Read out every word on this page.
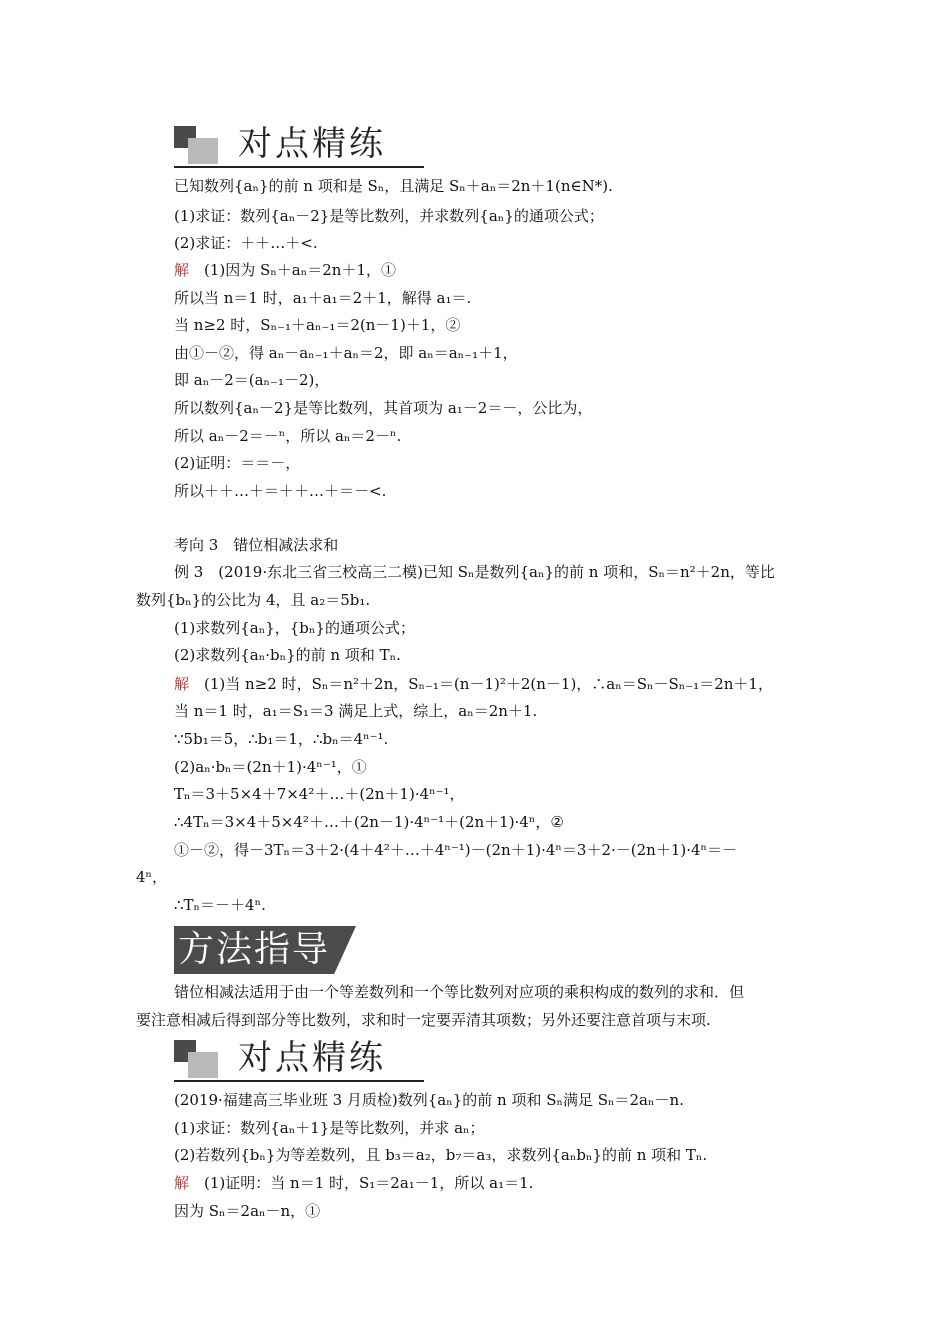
对点精练
已知数列{aₙ}的前 n 项和是 Sₙ，且满足 Sₙ＋aₙ＝2n＋1(n∈N*).
(1)求证：数列{aₙ－2}是等比数列，并求数列{aₙ}的通项公式；
(2)求证：＋＋…＋<.
解　 (1)因为 Sₙ＋aₙ＝2n＋1，①
所以当 n＝1 时，a₁＋a₁＝2＋1，解得 a₁＝.
当 n≥2 时，Sₙ₋₁＋aₙ₋₁＝2(n－1)＋1，②
由①－②，得 aₙ－aₙ₋₁＋aₙ＝2，即 aₙ＝aₙ₋₁＋1，
即 aₙ－2＝(aₙ₋₁－2)，
所以数列{aₙ－2}是等比数列，其首项为 a₁－2＝－，公比为，
所以 aₙ－2＝－ⁿ，所以 aₙ＝2－ⁿ.
(2)证明：＝＝－，
所以＋＋…＋＝＋＋…＋＝－<.
考向 3　错位相减法求和
例 3　(2019·东北三省三校高三二模)已知 Sₙ是数列{aₙ}的前 n 项和，Sₙ＝n²＋2n，等比
数列{bₙ}的公比为 4，且 a₂＝5b₁.
(1)求数列{aₙ}，{bₙ}的通项公式；
(2)求数列{aₙ·bₙ}的前 n 项和 Tₙ.
解　 (1)当 n≥2 时，Sₙ＝n²＋2n，Sₙ₋₁＝(n－1)²＋2(n－1)，∴aₙ＝Sₙ－Sₙ₋₁＝2n＋1，
当 n＝1 时，a₁＝S₁＝3 满足上式，综上，aₙ＝2n＋1.
∵5b₁＝5，∴b₁＝1，∴bₙ＝4ⁿ⁻¹.
(2)aₙ·bₙ＝(2n＋1)·4ⁿ⁻¹，①
Tₙ＝3＋5×4＋7×4²＋…＋(2n＋1)·4ⁿ⁻¹，
∴4Tₙ＝3×4＋5×4²＋…＋(2n－1)·4ⁿ⁻¹＋(2n＋1)·4ⁿ，②
①－②，得－3Tₙ＝3＋2·(4＋4²＋…＋4ⁿ⁻¹)－(2n＋1)·4ⁿ＝3＋2·－(2n＋1)·4ⁿ＝－
4ⁿ，
∴Tₙ＝－＋4ⁿ.
方法指导
错位相减法适用于由一个等差数列和一个等比数列对应项的乘积构成的数列的求和．但
要注意相减后得到部分等比数列，求和时一定要弄清其项数；另外还要注意首项与末项.
对点精练
(2019·福建高三毕业班 3 月质检)数列{aₙ}的前 n 项和 Sₙ满足 Sₙ＝2aₙ－n.
(1)求证：数列{aₙ＋1}是等比数列，并求 aₙ；
(2)若数列{bₙ}为等差数列，且 b₃＝a₂，b₇＝a₃，求数列{aₙbₙ}的前 n 项和 Tₙ.
解　 (1)证明：当 n＝1 时，S₁＝2a₁－1，所以 a₁＝1.
因为 Sₙ＝2aₙ－n，①
